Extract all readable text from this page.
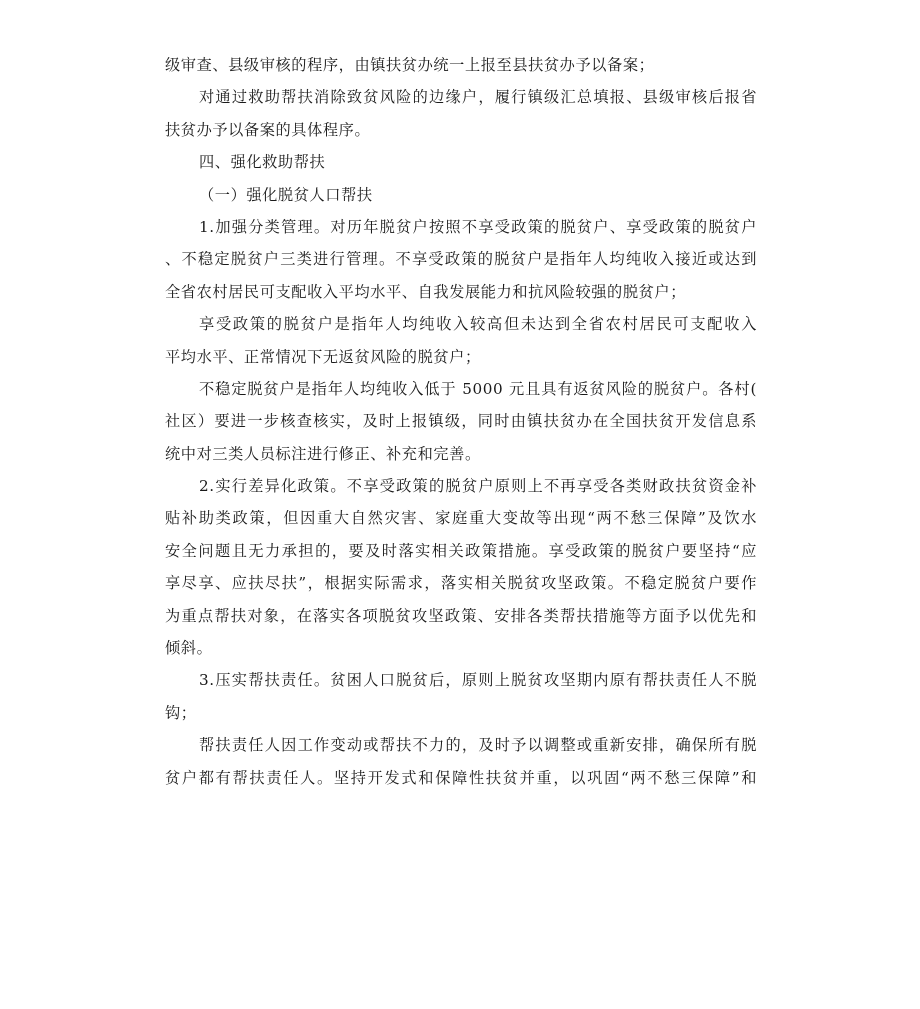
级审查、县级审核的程序，由镇扶贫办统一上报至县扶贫办予以备案；
对通过救助帮扶消除致贫风险的边缘户，履行镇级汇总填报、县级审核后报省
扶贫办予以备案的具体程序。
四、强化救助帮扶
（一）强化脱贫人口帮扶
1.加强分类管理。对历年脱贫户按照不享受政策的脱贫户、享受政策的脱贫户
、不稳定脱贫户三类进行管理。不享受政策的脱贫户是指年人均纯收入接近或达到
全省农村居民可支配收入平均水平、自我发展能力和抗风险较强的脱贫户；
享受政策的脱贫户是指年人均纯收入较高但未达到全省农村居民可支配收入
平均水平、正常情况下无返贫风险的脱贫户；
不稳定脱贫户是指年人均纯收入低于 5000 元且具有返贫风险的脱贫户。各村(
社区）要进一步核查核实，及时上报镇级，同时由镇扶贫办在全国扶贫开发信息系
统中对三类人员标注进行修正、补充和完善。
2.实行差异化政策。不享受政策的脱贫户原则上不再享受各类财政扶贫资金补
贴补助类政策，但因重大自然灾害、家庭重大变故等出现“两不愁三保障”及饮水
安全问题且无力承担的，要及时落实相关政策措施。享受政策的脱贫户要坚持“应
享尽享、应扶尽扶”，根据实际需求，落实相关脱贫攻坚政策。不稳定脱贫户要作
为重点帮扶对象，在落实各项脱贫攻坚政策、安排各类帮扶措施等方面予以优先和
倾斜。
3.压实帮扶责任。贫困人口脱贫后，原则上脱贫攻坚期内原有帮扶责任人不脱
钩；
帮扶责任人因工作变动或帮扶不力的，及时予以调整或重新安排，确保所有脱
贫户都有帮扶责任人。坚持开发式和保障性扶贫并重，以巩固“两不愁三保障”和
